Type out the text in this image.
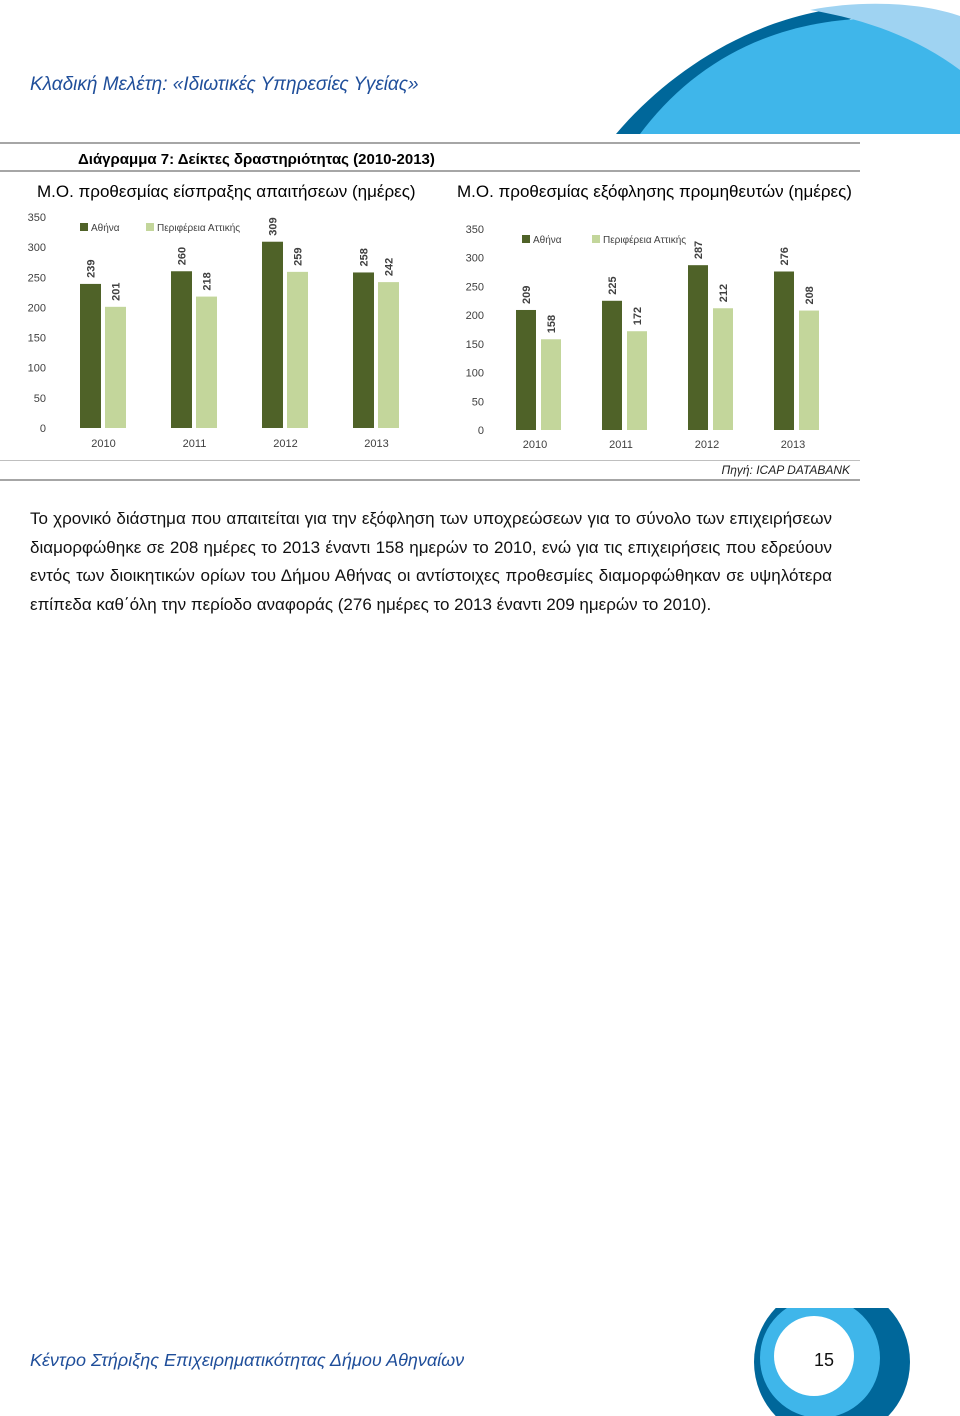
Κλαδική Μελέτη: «Ιδιωτικές Υπηρεσίες Υγείας»
Διάγραμμα 7: Δείκτες δραστηριότητας (2010-2013)
Μ.Ο. προθεσμίας είσπραξης απαιτήσεων (ημέρες) Μ.Ο. προθεσμίας εξόφλησης προμηθευτών (ημέρες)
0
50
100
150
200
250
300
350
Αθήνα	Περιφέρεια Αττικής
239
201
2010
260
218
2011
309
259
2012
258
242
2013
0
50
100
150
200
250
300
350
Αθήνα	Περιφέρεια Αττικής
209
158
2010
225
172
2011
287
212
2012
276
208
2013
Πηγή: ICAP DATABANK
Το χρονικό διάστημα που απαιτείται για την εξόφληση των υποχρεώσεων για το σύνολο των επιχειρήσεων διαμορφώθηκε σε 208 ημέρες το 2013 έναντι 158 ημερών το 2010, ενώ για τις επιχειρήσεις που εδρεύουν εντός των διοικητικών ορίων του Δήμου Αθήνας οι αντίστοιχες προθεσμίες διαμορφώθηκαν σε υψηλότερα επίπεδα καθ΄όλη την περίοδο αναφοράς (276 ημέρες το 2013 έναντι 209 ημερών το 2010).
Κέντρο Στήριξης Επιχειρηματικότητας Δήμου Αθηναίων	15
